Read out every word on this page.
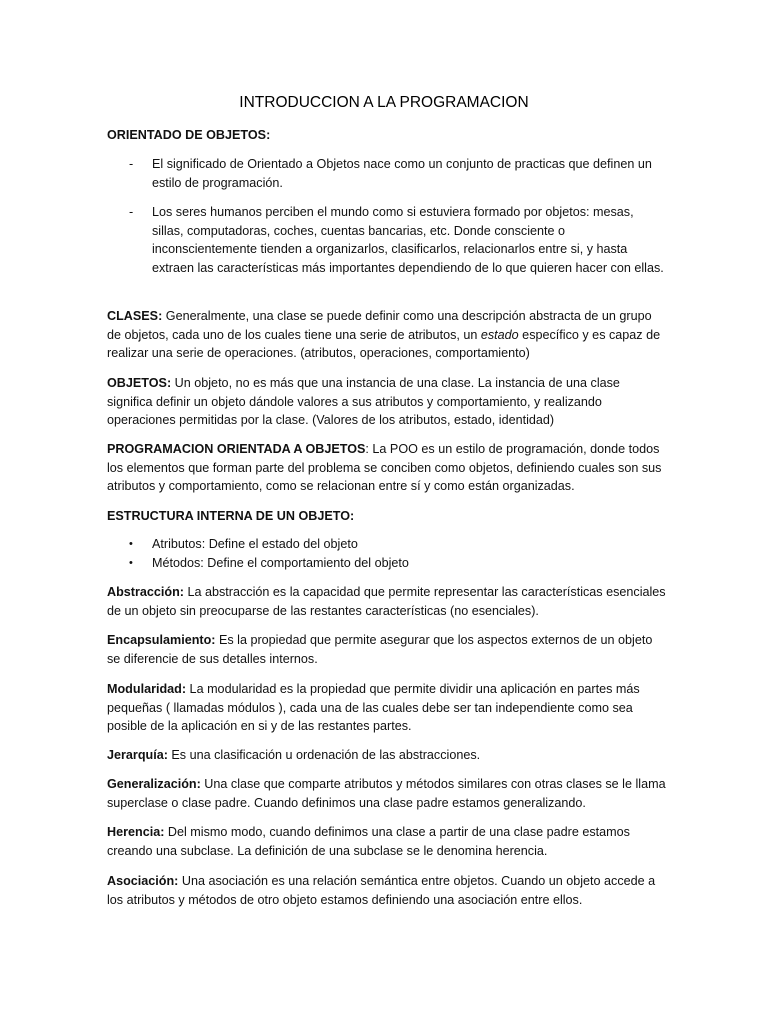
INTRODUCCION A LA PROGRAMACION
ORIENTADO DE OBJETOS:
- El significado de Orientado a Objetos nace como un conjunto de practicas que definen un estilo de programación.
- Los seres humanos perciben el mundo como si estuviera formado por objetos: mesas, sillas, computadoras, coches, cuentas bancarias, etc. Donde consciente o inconscientemente tienden a organizarlos, clasificarlos, relacionarlos entre si, y hasta extraen las características más importantes dependiendo de lo que quieren hacer con ellas.

CLASES: Generalmente, una clase se puede definir como una descripción abstracta de un grupo de objetos, cada uno de los cuales tiene una serie de atributos, un estado específico y es capaz de realizar una serie de operaciones. (atributos, operaciones, comportamiento)

OBJETOS: Un objeto, no es más que una instancia de una clase. La instancia de una clase significa definir un objeto dándole valores a sus atributos y comportamiento, y realizando operaciones permitidas por la clase. (Valores de los atributos, estado, identidad)

PROGRAMACION ORIENTADA A OBJETOS: La POO es un estilo de programación, donde todos los elementos que forman parte del problema se conciben como objetos, definiendo cuales son sus atributos y comportamiento, como se relacionan entre sí y como están organizadas.

ESTRUCTURA INTERNA DE UN OBJETO:
• Atributos: Define el estado del objeto
• Métodos: Define el comportamiento del objeto

Abstracción: La abstracción es la capacidad que permite representar las características esenciales de un objeto sin preocuparse de las restantes características (no esenciales).

Encapsulamiento: Es la propiedad que permite asegurar que los aspectos externos de un objeto se diferencie de sus detalles internos.

Modularidad: La modularidad es la propiedad que permite dividir una aplicación en partes más pequeñas ( llamadas módulos ), cada una de las cuales debe ser tan independiente como sea posible de la aplicación en si y de las restantes partes.

Jerarquía: Es una clasificación u ordenación de las abstracciones.

Generalización: Una clase que comparte atributos y métodos similares con otras clases se le llama superclase o clase padre. Cuando definimos una clase padre estamos generalizando.

Herencia: Del mismo modo, cuando definimos una clase a partir de una clase padre estamos creando una subclase. La definición de una subclase se le denomina herencia.

Asociación: Una asociación es una relación semántica entre objetos. Cuando un objeto accede a los atributos y métodos de otro objeto estamos definiendo una asociación entre ellos.
